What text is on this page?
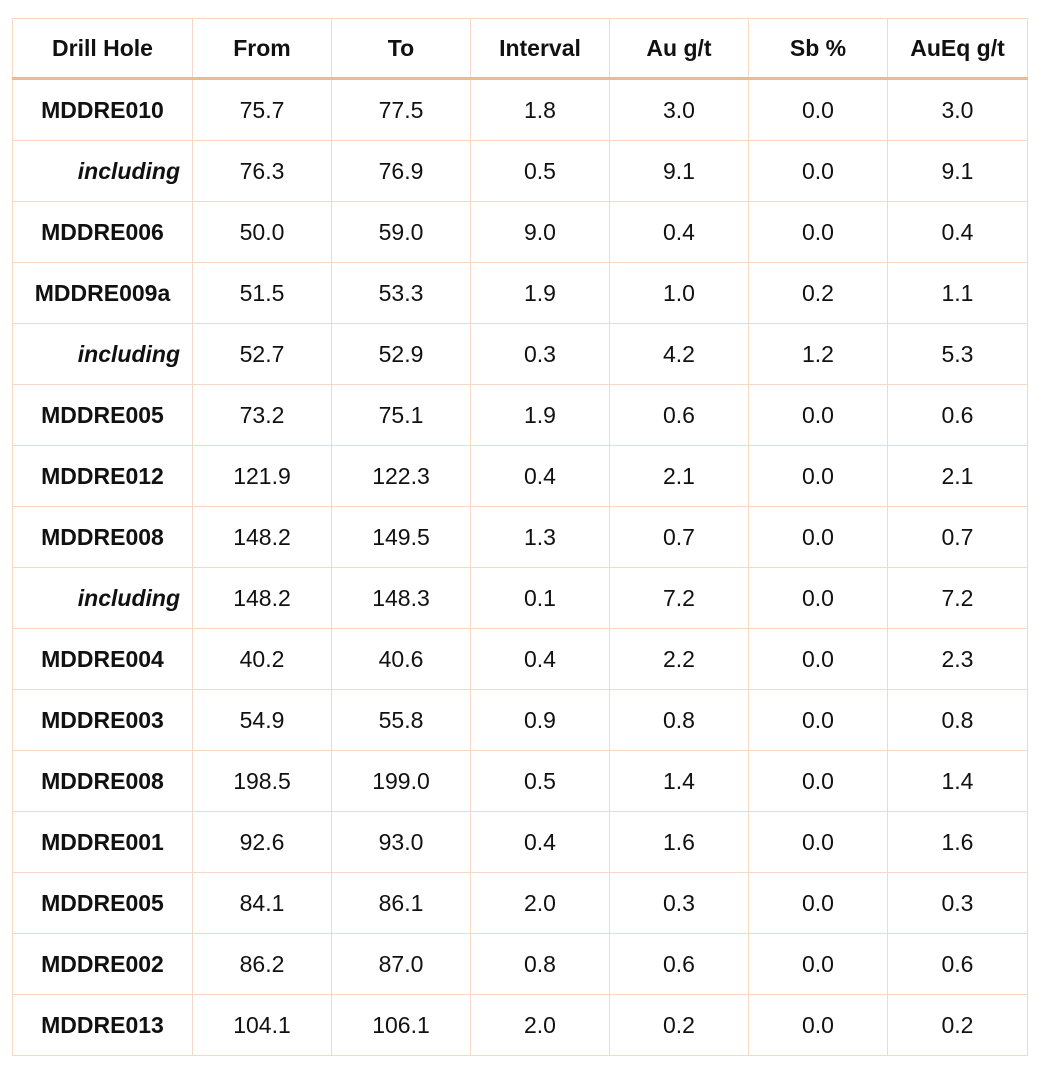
Drill Hole	From	To	Interval	Au g/t	Sb %	AuEq g/t
MDDRE010	75.7	77.5	1.8	3.0	0.0	3.0
including	76.3	76.9	0.5	9.1	0.0	9.1
MDDRE006	50.0	59.0	9.0	0.4	0.0	0.4
MDDRE009a	51.5	53.3	1.9	1.0	0.2	1.1
including	52.7	52.9	0.3	4.2	1.2	5.3
MDDRE005	73.2	75.1	1.9	0.6	0.0	0.6
MDDRE012	121.9	122.3	0.4	2.1	0.0	2.1
MDDRE008	148.2	149.5	1.3	0.7	0.0	0.7
including	148.2	148.3	0.1	7.2	0.0	7.2
MDDRE004	40.2	40.6	0.4	2.2	0.0	2.3
MDDRE003	54.9	55.8	0.9	0.8	0.0	0.8
MDDRE008	198.5	199.0	0.5	1.4	0.0	1.4
MDDRE001	92.6	93.0	0.4	1.6	0.0	1.6
MDDRE005	84.1	86.1	2.0	0.3	0.0	0.3
MDDRE002	86.2	87.0	0.8	0.6	0.0	0.6
MDDRE013	104.1	106.1	2.0	0.2	0.0	0.2
